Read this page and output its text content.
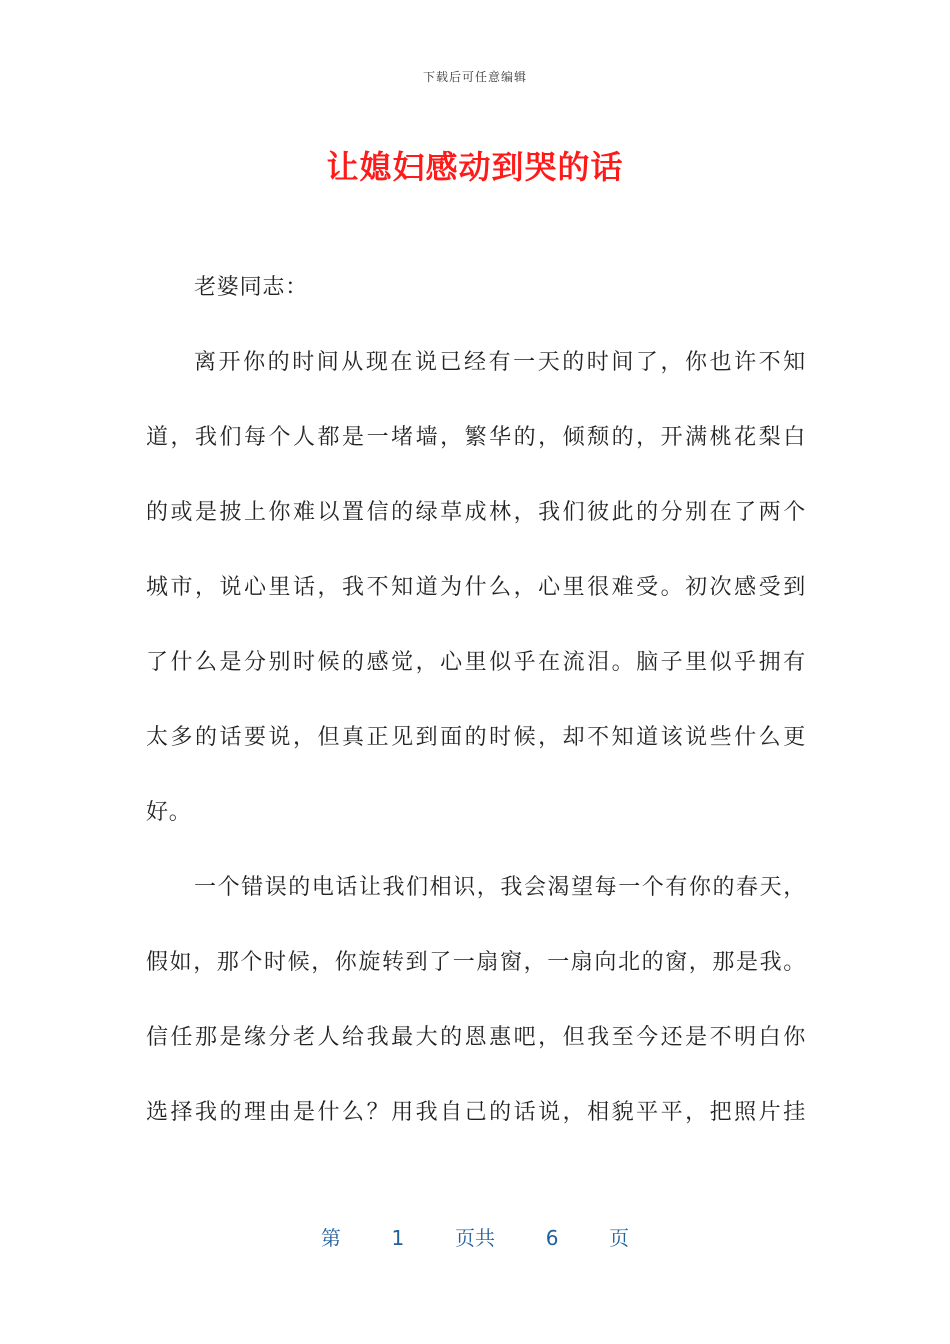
下载后可任意编辑
让媳妇感动到哭的话
老婆同志：
离开你的时间从现在说已经有一天的时间了，你也许不知
道，我们每个人都是一堵墙，繁华的，倾颓的，开满桃花梨白
的或是披上你难以置信的绿草成林，我们彼此的分别在了两个
城市，说心里话，我不知道为什么，心里很难受。初次感受到
了什么是分别时候的感觉，心里似乎在流泪。脑子里似乎拥有
太多的话要说，但真正见到面的时候，却不知道该说些什么更
好。
一个错误的电话让我们相识，我会渴望每一个有你的春天，
假如，那个时候，你旋转到了一扇窗，一扇向北的窗，那是我。
信任那是缘分老人给我最大的恩惠吧，但我至今还是不明白你
选择我的理由是什么？用我自己的话说，相貌平平，把照片挂
第	1	页共	6	页
